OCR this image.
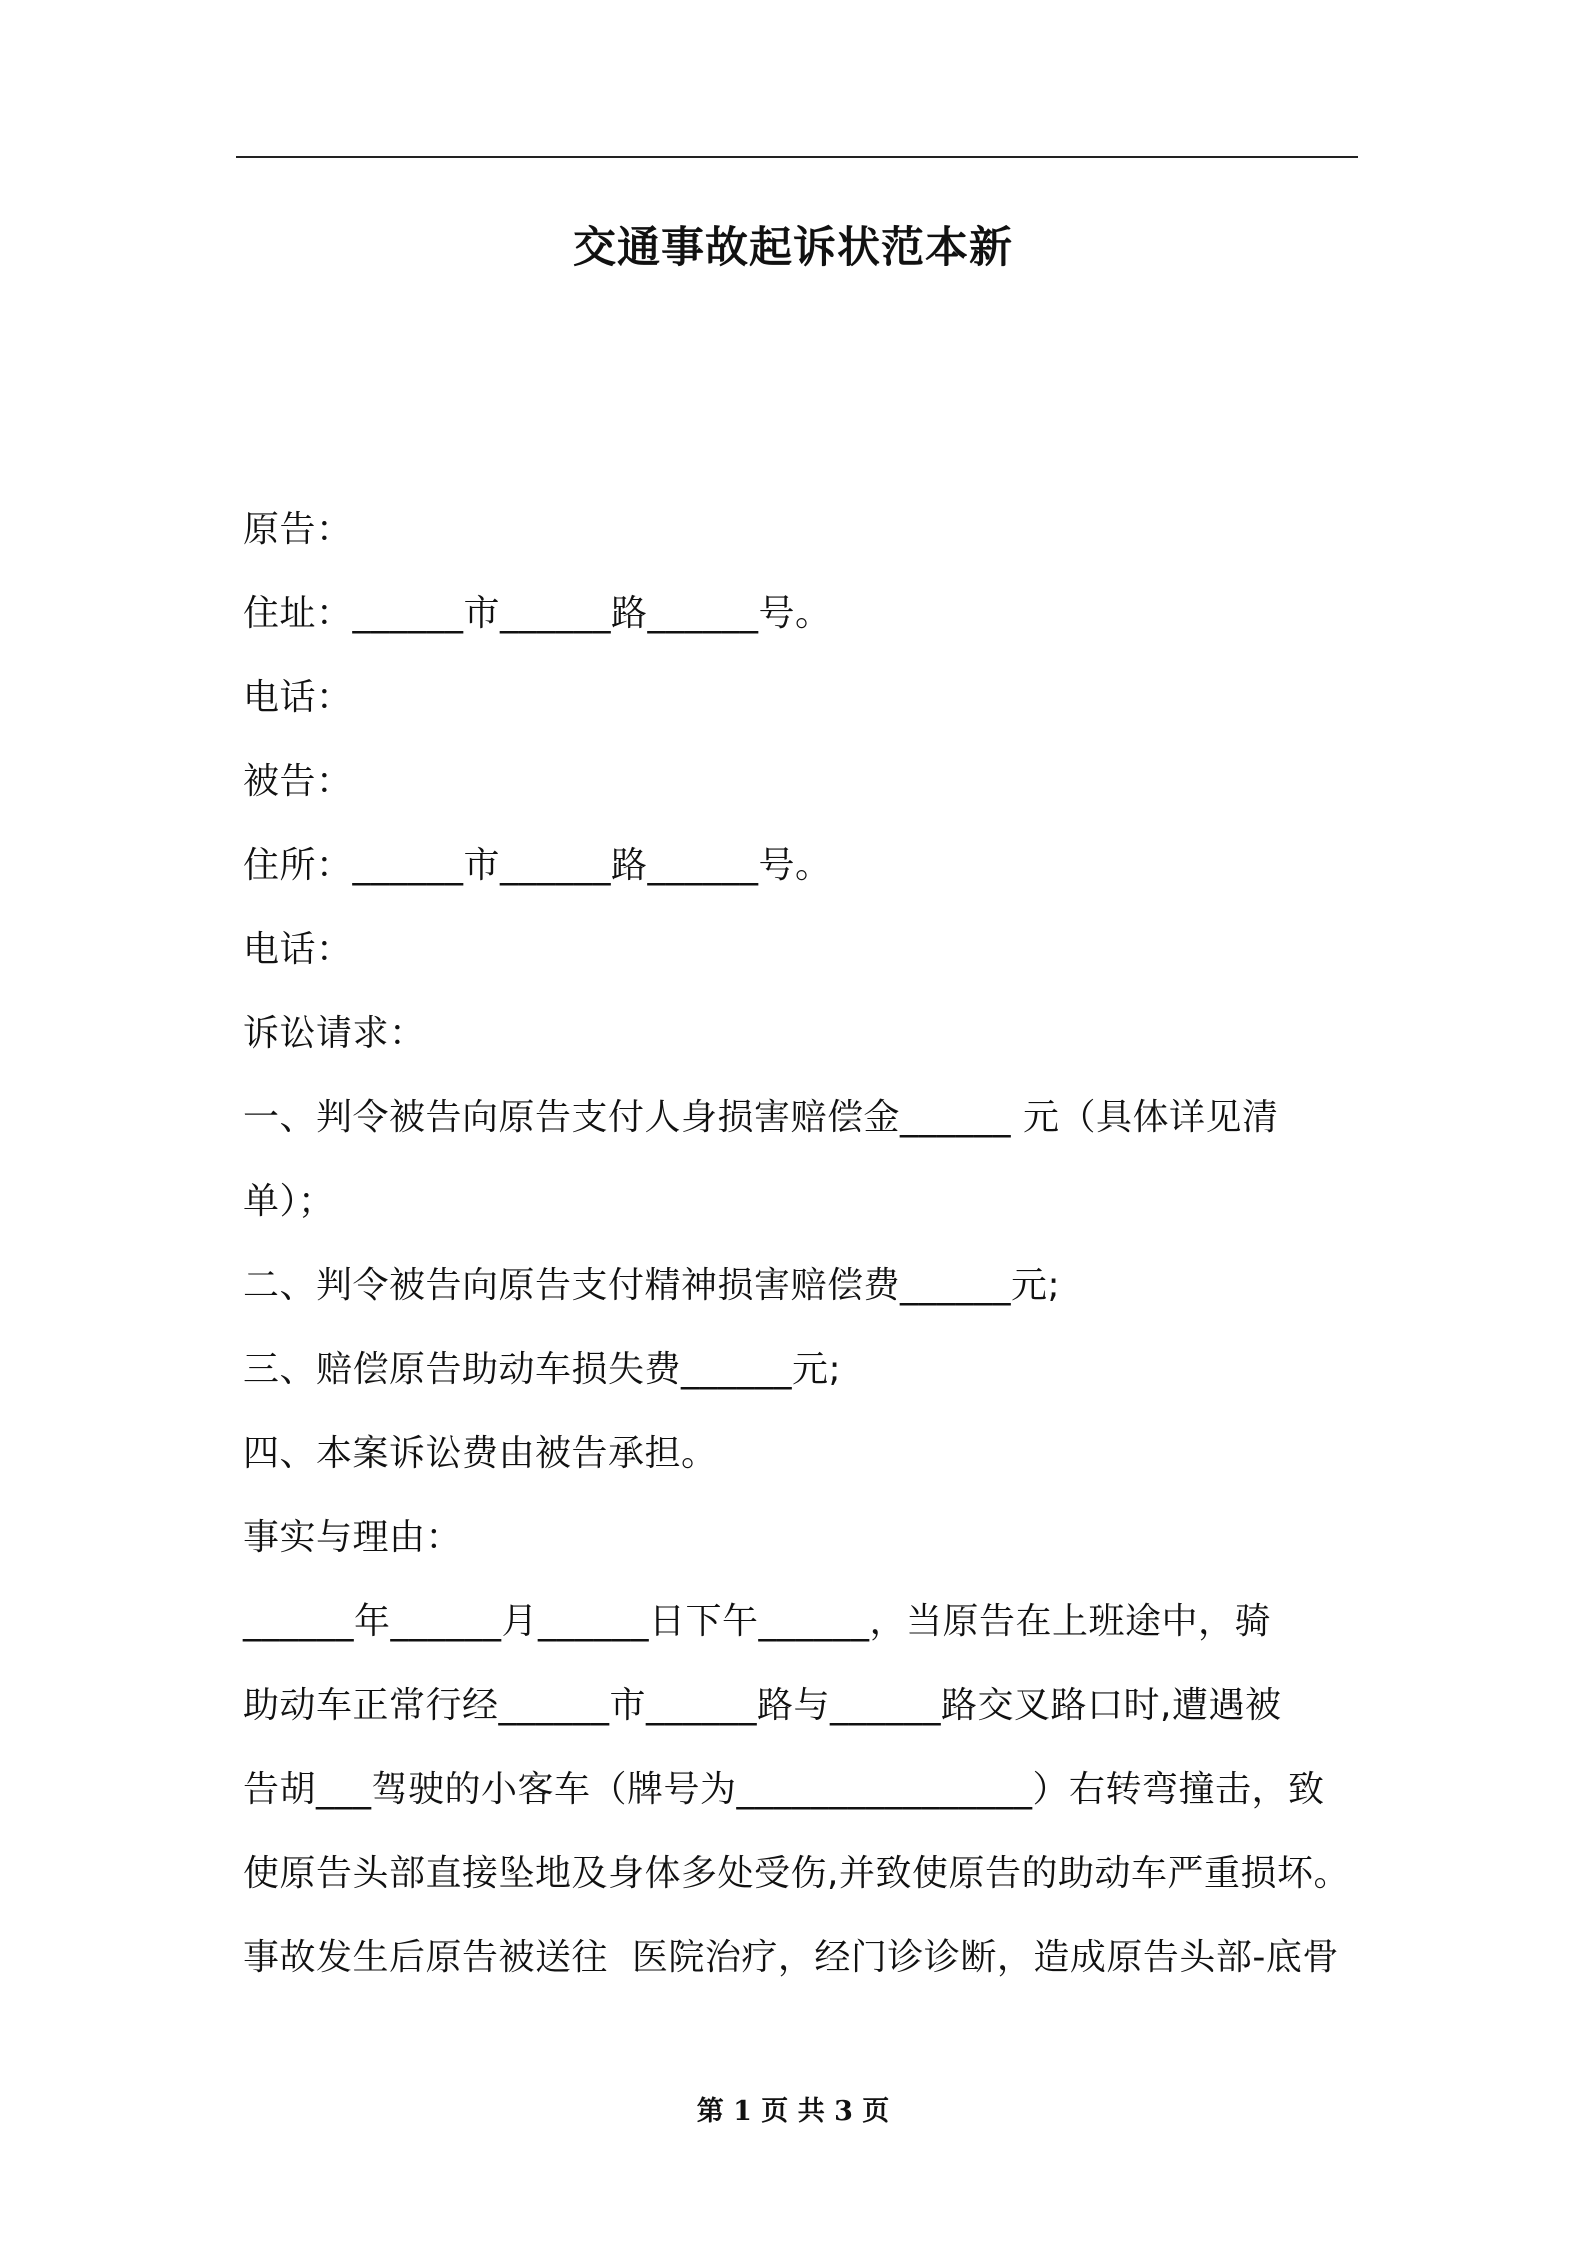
交通事故起诉状范本新
原告：
住址：______市______路______号。
电话：
被告：
住所：______市______路______号。
电话：
诉讼请求：
一、判令被告向原告支付人身损害赔偿金______ 元（具体详见清
单）；
二、判令被告向原告支付精神损害赔偿费______元;
三、赔偿原告助动车损失费______元;
四、本案诉讼费由被告承担。
事实与理由：
______年______月______日下午______，当原告在上班途中，骑
助动车正常行经______市______路与______路交叉路口时,遭遇被
告胡___驾驶的小客车（牌号为________________）右转弯撞击，致
使原告头部直接坠地及身体多处受伤,并致使原告的助动车严重损坏。
事故发生后原告被送往  医院治疗，经门诊诊断，造成原告头部-底骨
第 1 页 共 3 页
